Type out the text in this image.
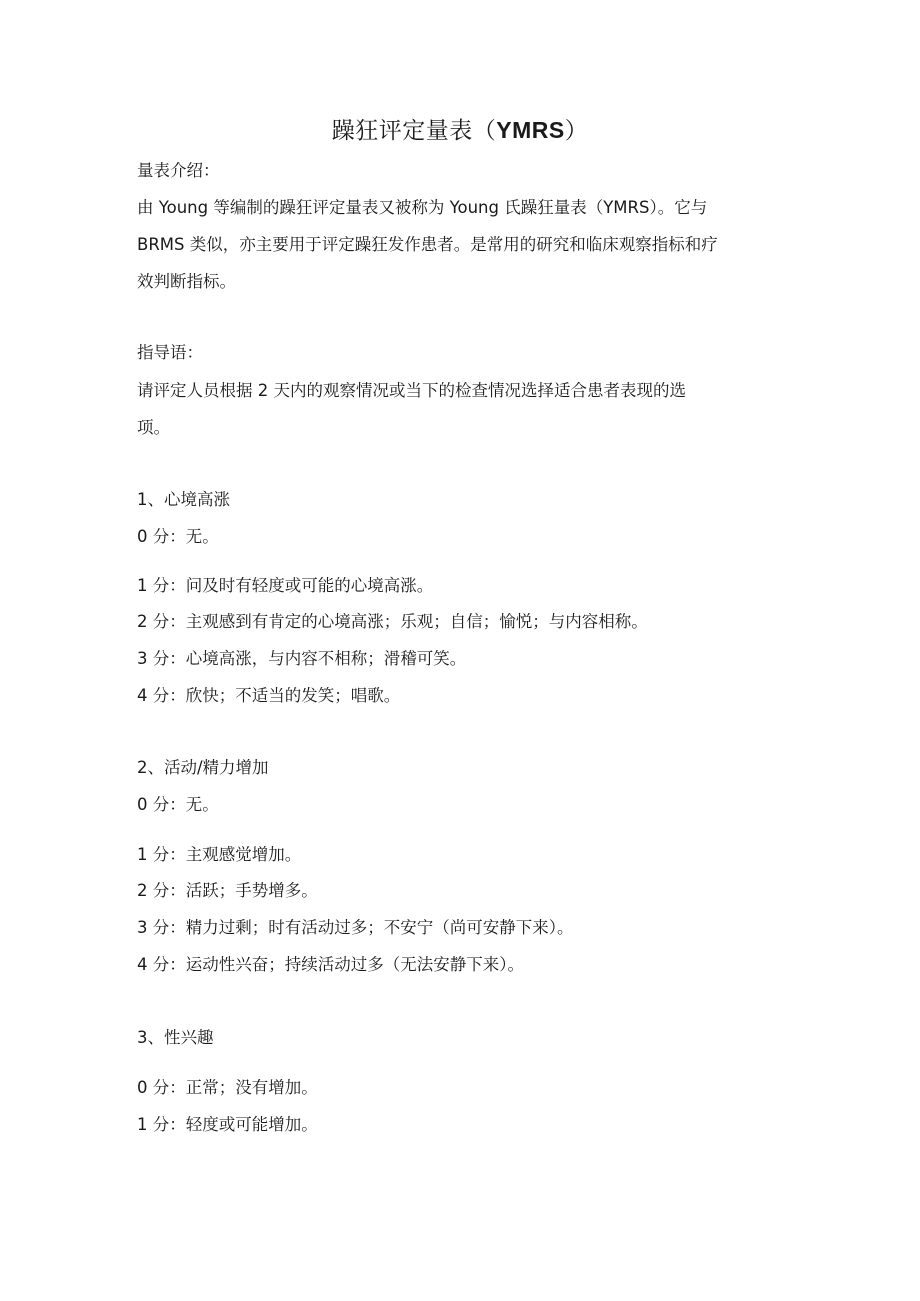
躁狂评定量表（YMRS）
量表介绍：
由 Young 等编制的躁狂评定量表又被称为 Young 氏躁狂量表（YMRS）。它与
BRMS 类似，亦主要用于评定躁狂发作患者。是常用的研究和临床观察指标和疗
效判断指标。
指导语：
请评定人员根据 2 天内的观察情况或当下的检查情况选择适合患者表现的选
项。
1、心境高涨
0 分：无。
1 分：问及时有轻度或可能的心境高涨。
2 分：主观感到有肯定的心境高涨；乐观；自信；愉悦；与内容相称。
3 分：心境高涨，与内容不相称；滑稽可笑。
4 分：欣快；不适当的发笑；唱歌。
2、活动/精力增加
0 分：无。
1 分：主观感觉增加。
2 分：活跃；手势增多。
3 分：精力过剩；时有活动过多；不安宁（尚可安静下来）。
4 分：运动性兴奋；持续活动过多（无法安静下来）。
3、性兴趣
0 分：正常；没有增加。
1 分：轻度或可能增加。
